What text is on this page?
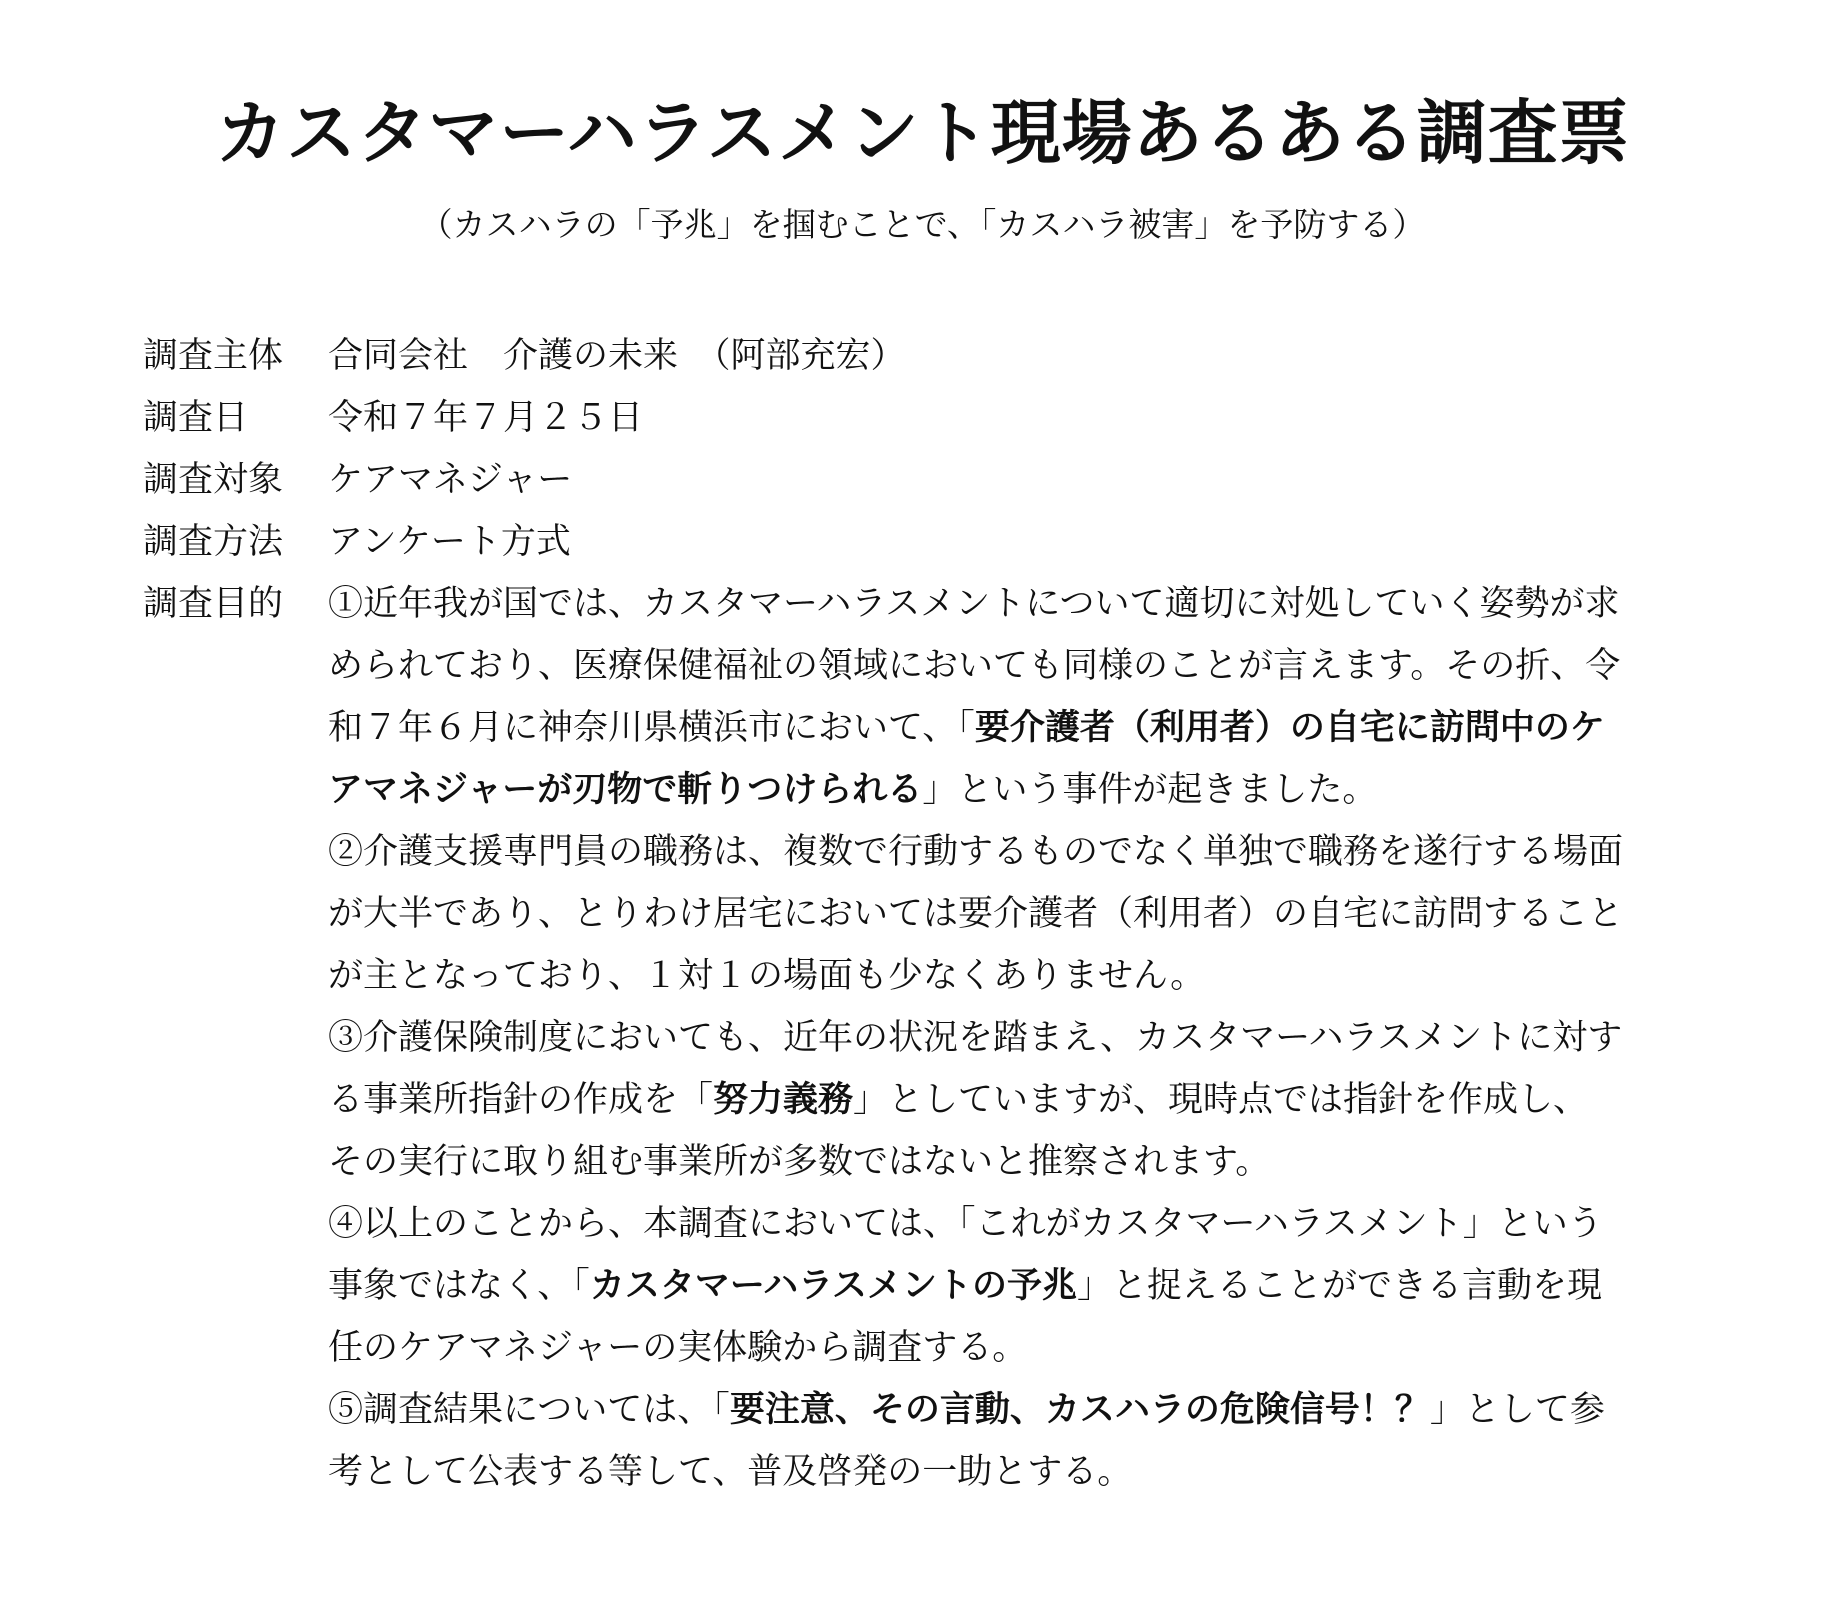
カスタマーハラスメント現場あるある調査票

（カスハラの「予兆」を掴むことで、「カスハラ被害」を予防する）

調査主体	合同会社　介護の未来　（阿部充宏）
調査日	令和７年７月２５日
調査対象	ケアマネジャー
調査方法	アンケート方式
調査目的	①近年我が国では、カスタマーハラスメントについて適切に対処していく姿勢が求められており、医療保健福祉の領域においても同様のことが言えます。その折、令和７年６月に神奈川県横浜市において、「要介護者（利用者）の自宅に訪問中のケアマネジャーが刃物で斬りつけられる」という事件が起きました。

②介護支援専門員の職務は、複数で行動するものでなく単独で職務を遂行する場面が大半であり、とりわけ居宅においては要介護者（利用者）の自宅に訪問することが主となっており、１対１の場面も少なくありません。

③介護保険制度においても、近年の状況を踏まえ、カスタマーハラスメントに対する事業所指針の作成を「努力義務」としていますが、現時点では指針を作成し、その実行に取り組む事業所が多数ではないと推察されます。

④以上のことから、本調査においては、「これがカスタマーハラスメント」という事象ではなく、「カスタマーハラスメントの予兆」と捉えることができる言動を現任のケアマネジャーの実体験から調査する。

⑤調査結果については、「要注意、その言動、カスハラの危険信号！？」として参考として公表する等して、普及啓発の一助とする。
